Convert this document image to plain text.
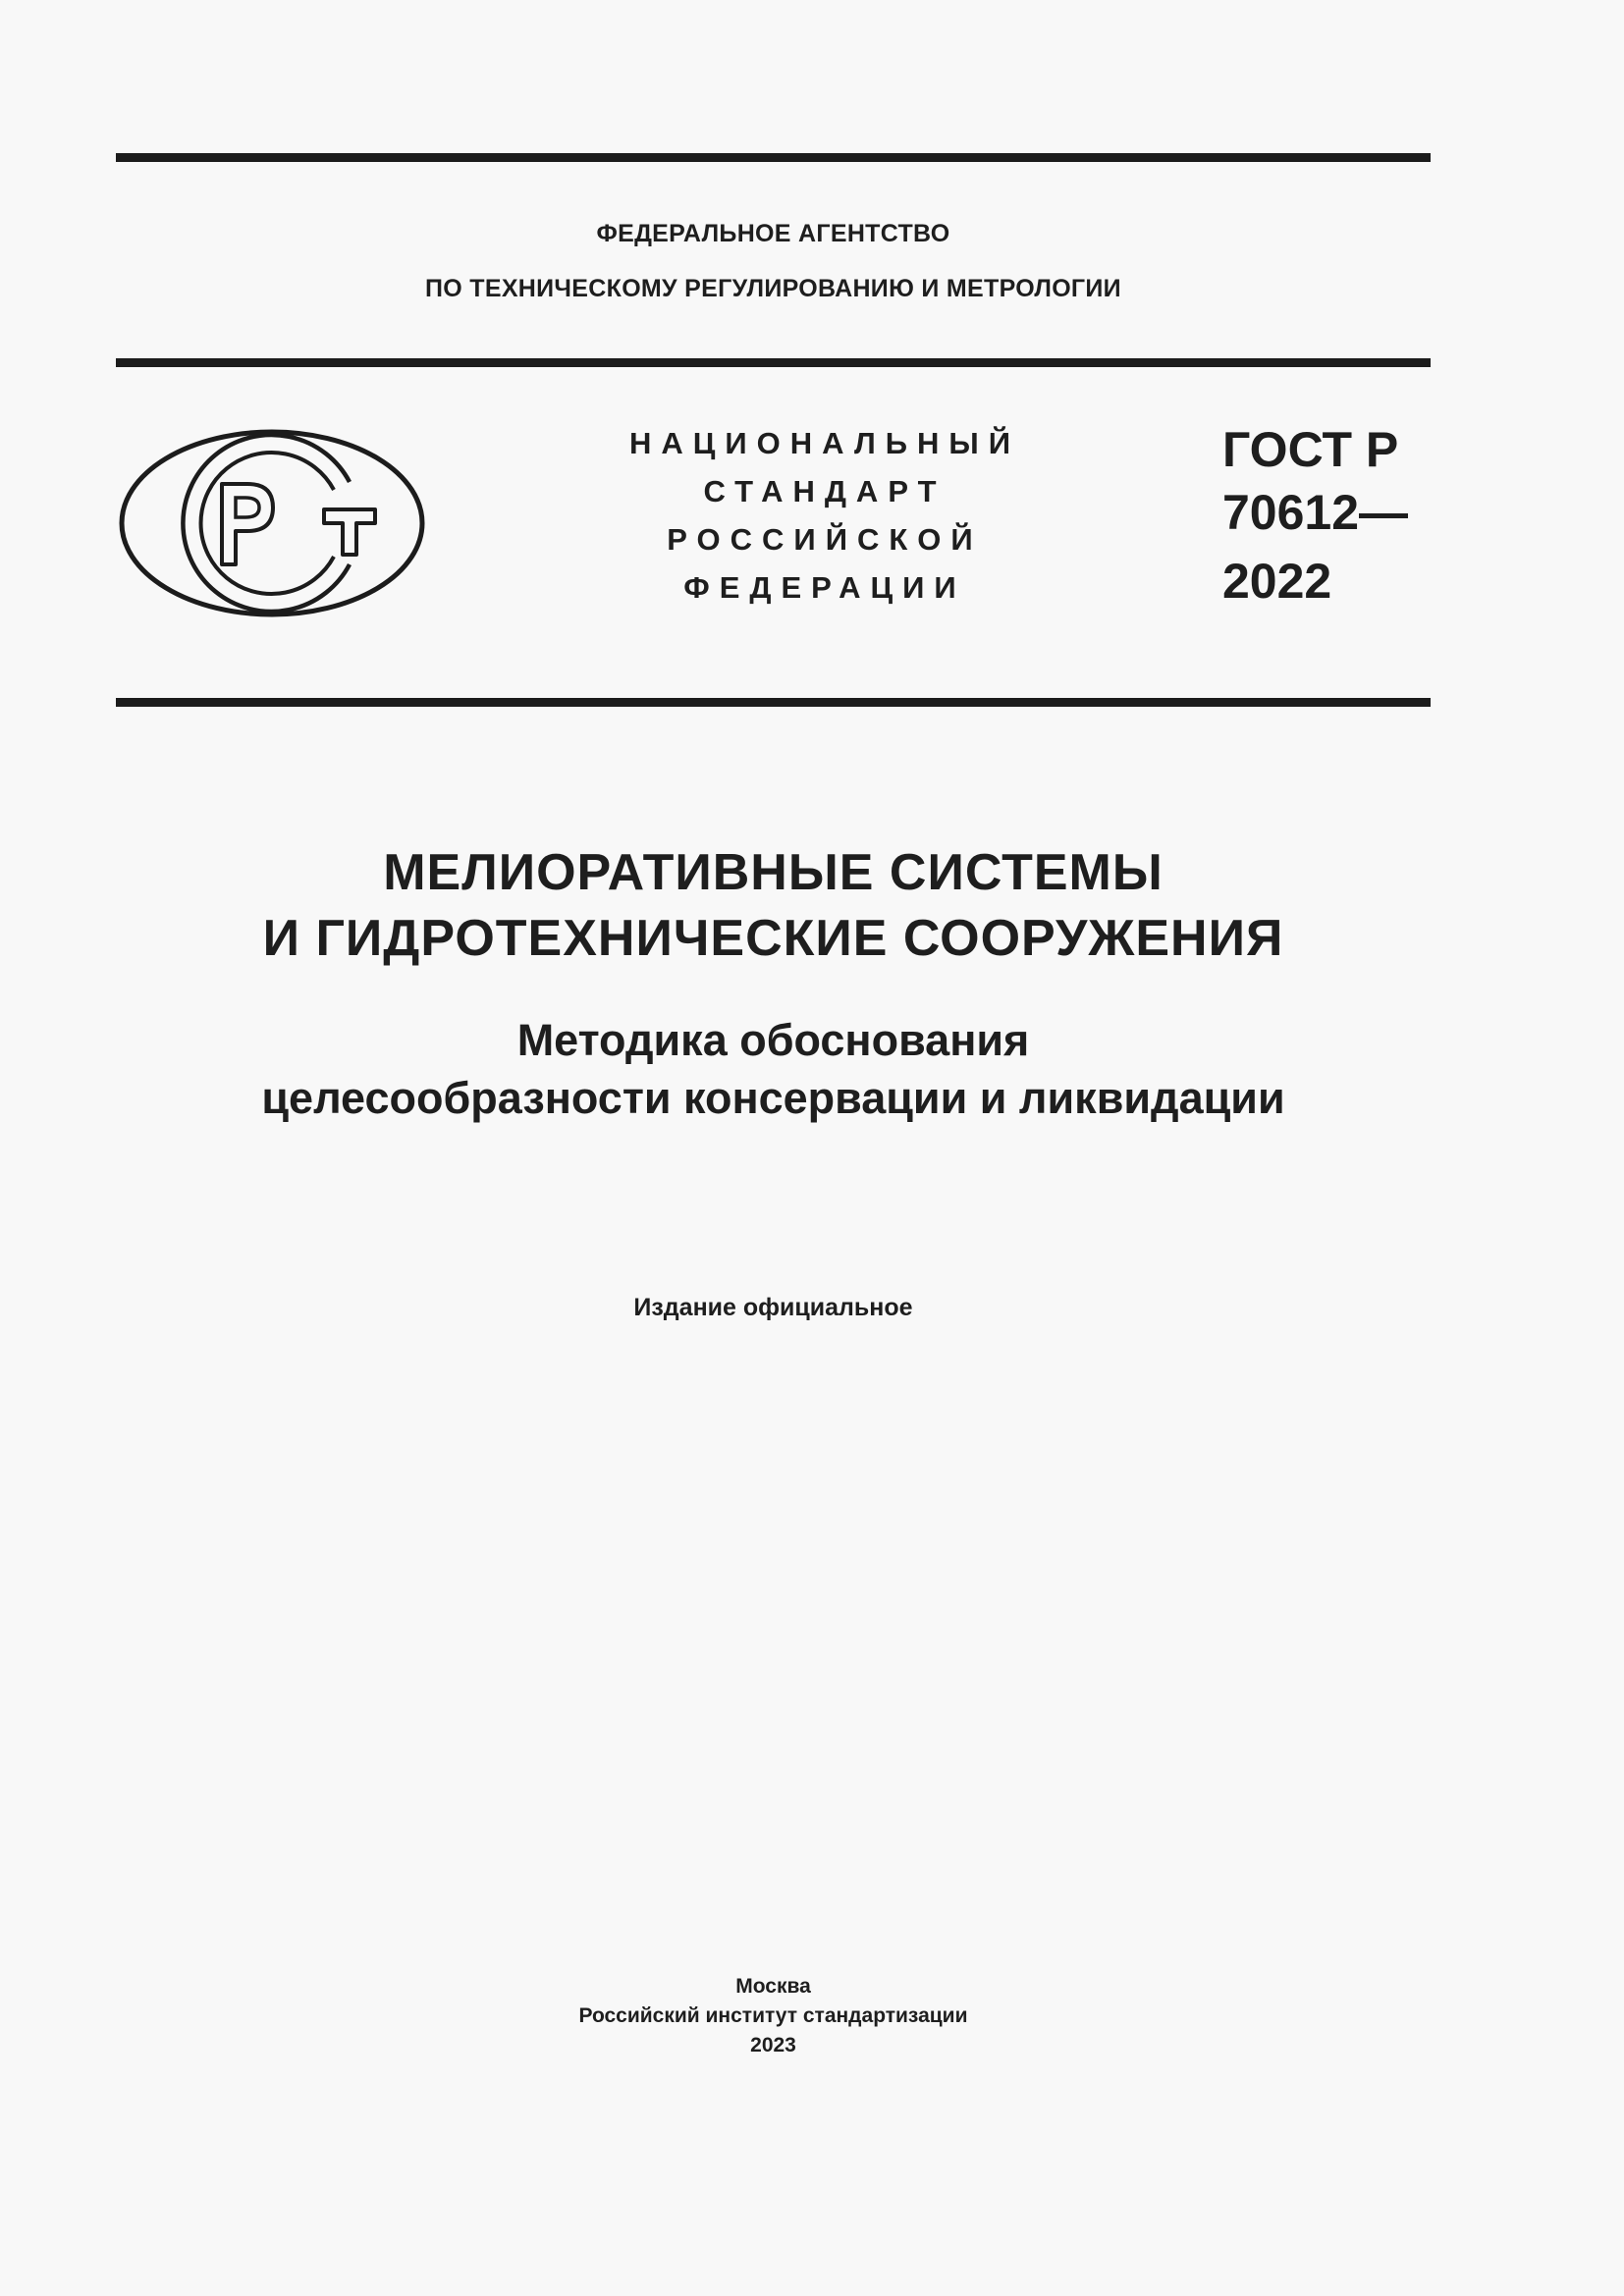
ФЕДЕРАЛЬНОЕ АГЕНТСТВО
ПО ТЕХНИЧЕСКОМУ РЕГУЛИРОВАНИЮ И МЕТРОЛОГИИ
НАЦИОНАЛЬНЫЙ
СТАНДАРТ
РОССИЙСКОЙ
ФЕДЕРАЦИИ
ГОСТ Р
70612—
2022
МЕЛИОРАТИВНЫЕ СИСТЕМЫ
И ГИДРОТЕХНИЧЕСКИЕ СООРУЖЕНИЯ
Методика обоснования
целесообразности консервации и ликвидации
Издание официальное
Москва
Российский институт стандартизации
2023
